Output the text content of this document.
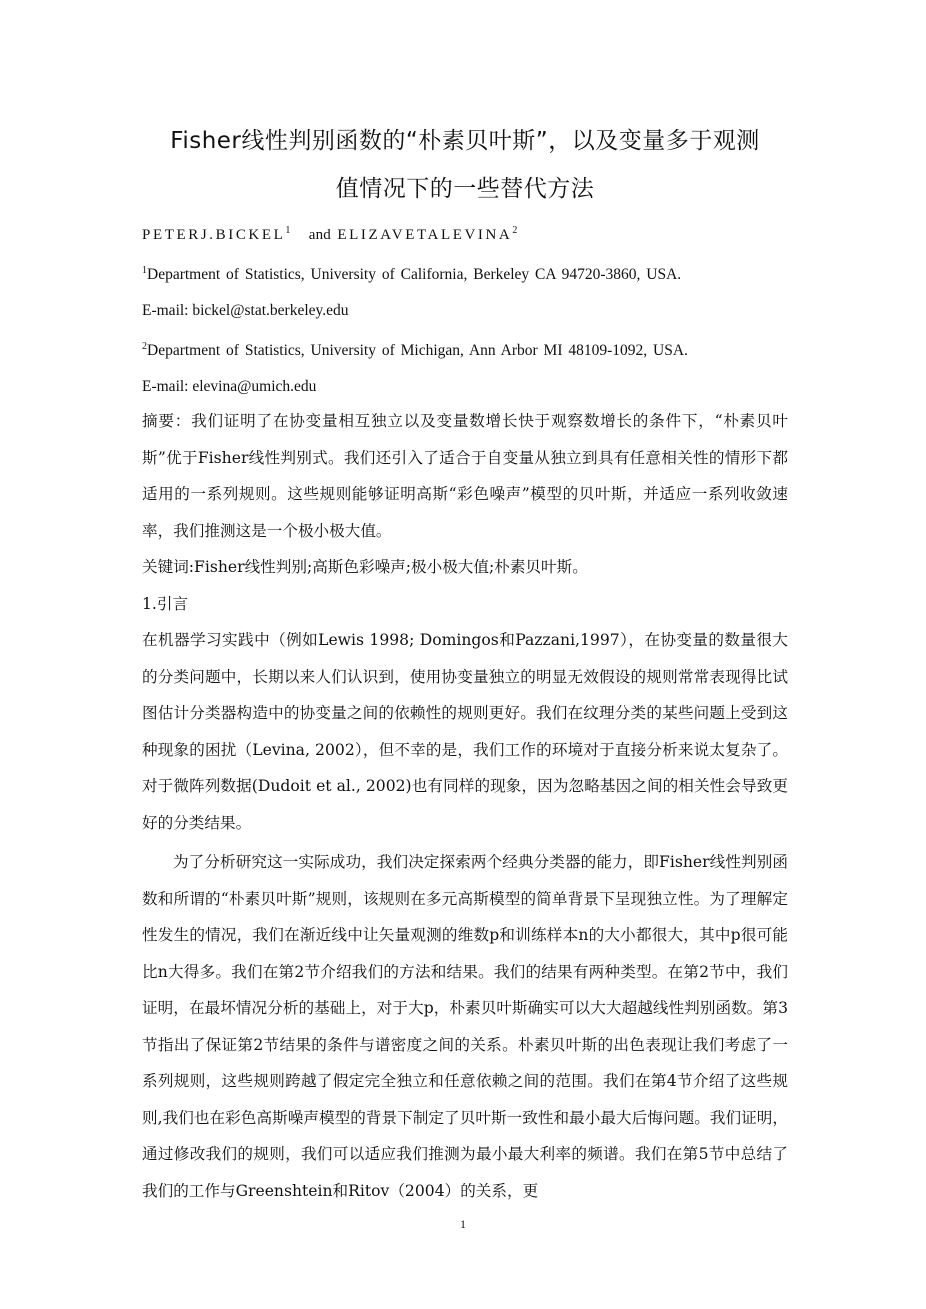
Fisher线性判别函数的“朴素贝叶斯”，以及变量多于观测
值情况下的一些替代方法
PETERJ.BICKEL$^1$ and ELIZAVETALEVINA$^2$
$^1$Department of Statistics, University of California, Berkeley CA 94720-3860, USA.
E-mail: bickel@stat.berkeley.edu
$^2$Department of Statistics, University of Michigan, Ann Arbor MI 48109-1092, USA.
E-mail: elevina@umich.edu

摘要：我们证明了在协变量相互独立以及变量数增长快于观察数增长的条件下，“朴素贝叶斯”优于Fisher线性判别式。我们还引入了适合于自变量从独立到具有任意相关性的情形下都适用的一系列规则。这些规则能够证明高斯“彩色噪声”模型的贝叶斯，并适应一系列收敛速率，我们推测这是一个极小极大值。

关键词:Fisher线性判别;高斯色彩噪声;极小极大值;朴素贝叶斯。

1.引言

在机器学习实践中（例如Lewis 1998; Domingos和Pazzani,1997），在协变量的数量很大的分类问题中，长期以来人们认识到，使用协变量独立的明显无效假设的规则常常表现得比试图估计分类器构造中的协变量之间的依赖性的规则更好。我们在纹理分类的某些问题上受到这种现象的困扰（Levina, 2002），但不幸的是，我们工作的环境对于直接分析来说太复杂了。对于微阵列数据(Dudoit et al., 2002)也有同样的现象，因为忽略基因之间的相关性会导致更好的分类结果。

为了分析研究这一实际成功，我们决定探索两个经典分类器的能力，即Fisher线性判别函数和所谓的“朴素贝叶斯”规则，该规则在多元高斯模型的简单背景下呈现独立性。为了理解定性发生的情况，我们在渐近线中让矢量观测的维数p和训练样本n的大小都很大，其中p很可能比n大得多。我们在第2节介绍我们的方法和结果。我们的结果有两种类型。在第2节中，我们证明，在最坏情况分析的基础上，对于大p，朴素贝叶斯确实可以大大超越线性判别函数。第3节指出了保证第2节结果的条件与谱密度之间的关系。朴素贝叶斯的出色表现让我们考虑了一系列规则，这些规则跨越了假定完全独立和任意依赖之间的范围。我们在第4节介绍了这些规则,我们也在彩色高斯噪声模型的背景下制定了贝叶斯一致性和最小最大后悔问题。我们证明，通过修改我们的规则，我们可以适应我们推测为最小最大利率的频谱。我们在第5节中总结了我们的工作与Greenshtein和Ritov（2004）的关系，更

1
